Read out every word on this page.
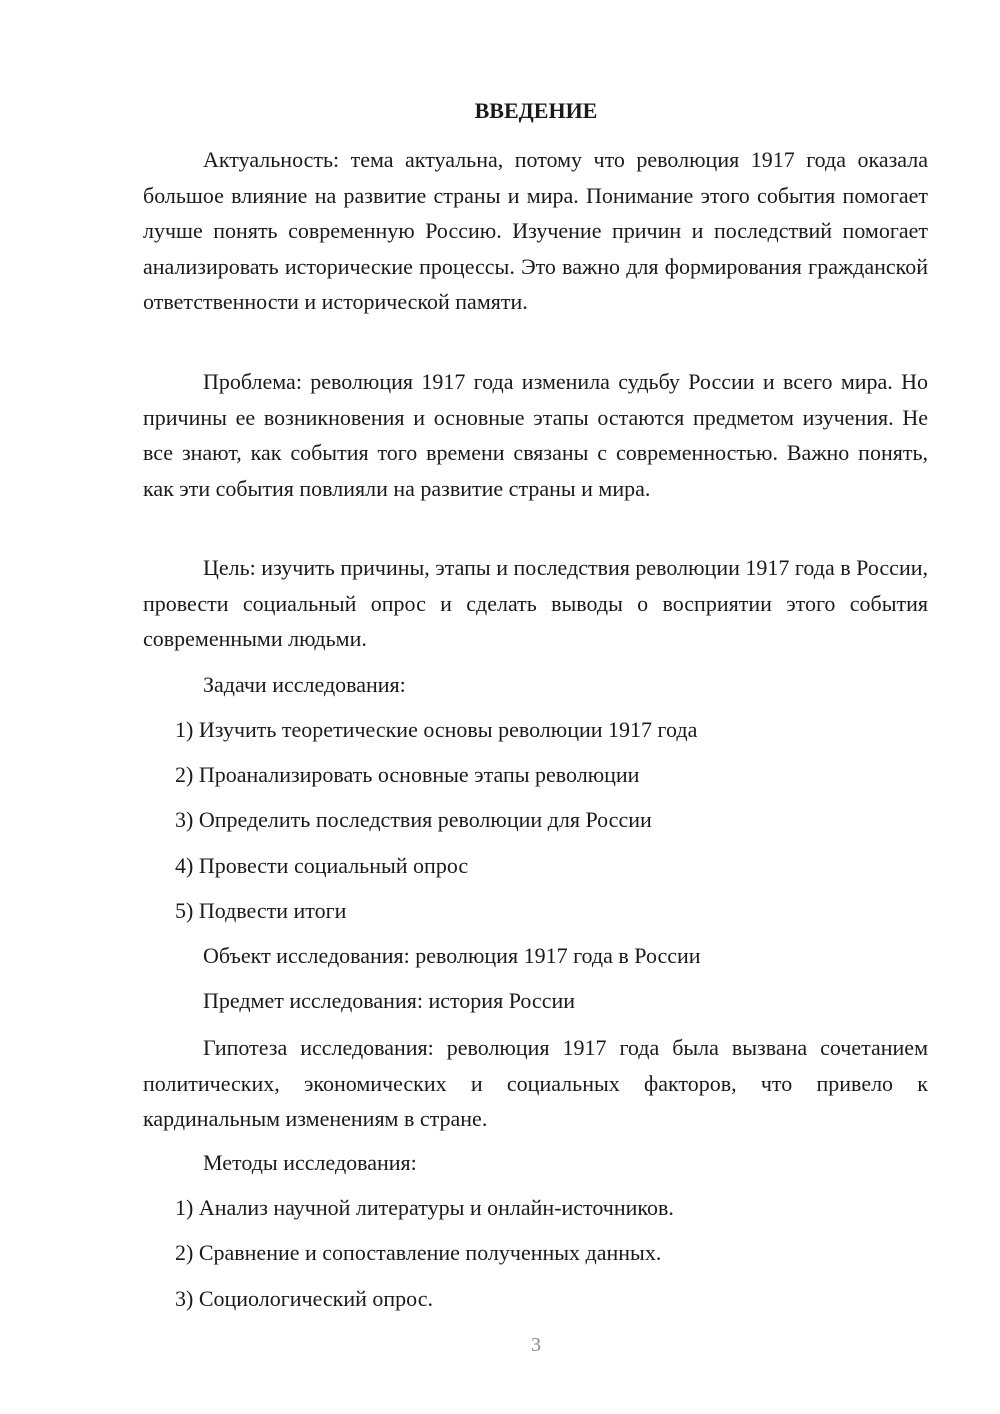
ВВЕДЕНИЕ

Актуальность: тема актуальна, потому что революция 1917 года оказала большое влияние на развитие страны и мира. Понимание этого события помогает лучше понять современную Россию. Изучение причин и последствий помогает анализировать исторические процессы. Это важно для формирования гражданской ответственности и исторической памяти.

Проблема: революция 1917 года изменила судьбу России и всего мира. Но причины ее возникновения и основные этапы остаются предметом изучения. Не все знают, как события того времени связаны с современностью. Важно понять, как эти события повлияли на развитие страны и мира.

Цель: изучить причины, этапы и последствия революции 1917 года в России, провести социальный опрос и сделать выводы о восприятии этого события современными людьми.

Задачи исследования:

1) Изучить теоретические основы революции 1917 года

2) Проанализировать основные этапы революции

3) Определить последствия революции для России

4) Провести социальный опрос

5) Подвести итоги

Объект исследования: революция 1917 года в России

Предмет исследования: история России

Гипотеза исследования: революция 1917 года была вызвана сочетанием политических, экономических и социальных факторов, что привело к кардинальным изменениям в стране.

Методы исследования:

1) Анализ научной литературы и онлайн-источников.

2) Сравнение и сопоставление полученных данных.

3) Социологический опрос.

3
